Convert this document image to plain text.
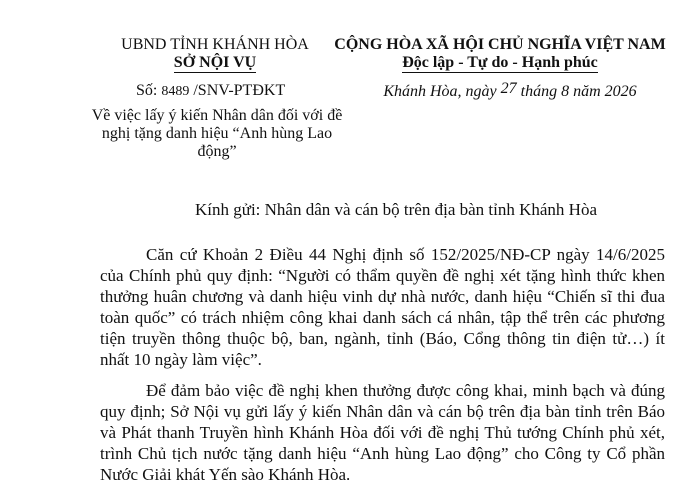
UBND TỈNH KHÁNH HÒA
SỞ NỘI VỤ
Số: 8489 /SNV-PTĐKT
Về việc lấy ý kiến Nhân dân đối với đề nghị tặng danh hiệu “Anh hùng Lao động”
CỘNG HÒA XÃ HỘI CHỦ NGHĨA VIỆT NAM
Độc lập - Tự do - Hạnh phúc
Khánh Hòa, ngày 27 tháng 8 năm 2026
Kính gửi: Nhân dân và cán bộ trên địa bàn tỉnh Khánh Hòa

Căn cứ Khoản 2 Điều 44 Nghị định số 152/2025/NĐ-CP ngày 14/6/2025 của Chính phủ quy định: “Người có thẩm quyền đề nghị xét tặng hình thức khen thưởng huân chương và danh hiệu vinh dự nhà nước, danh hiệu “Chiến sĩ thi đua toàn quốc” có trách nhiệm công khai danh sách cá nhân, tập thể trên các phương tiện truyền thông thuộc bộ, ban, ngành, tỉnh (Báo, Cổng thông tin điện tử…) ít nhất 10 ngày làm việc”.

Để đảm bảo việc đề nghị khen thưởng được công khai, minh bạch và đúng quy định; Sở Nội vụ gửi lấy ý kiến Nhân dân và cán bộ trên địa bàn tỉnh trên Báo và Phát thanh Truyền hình Khánh Hòa đối với đề nghị Thủ tướng Chính phủ xét, trình Chủ tịch nước tặng danh hiệu “Anh hùng Lao động” cho Công ty Cổ phần Nước Giải khát Yến sào Khánh Hòa.
